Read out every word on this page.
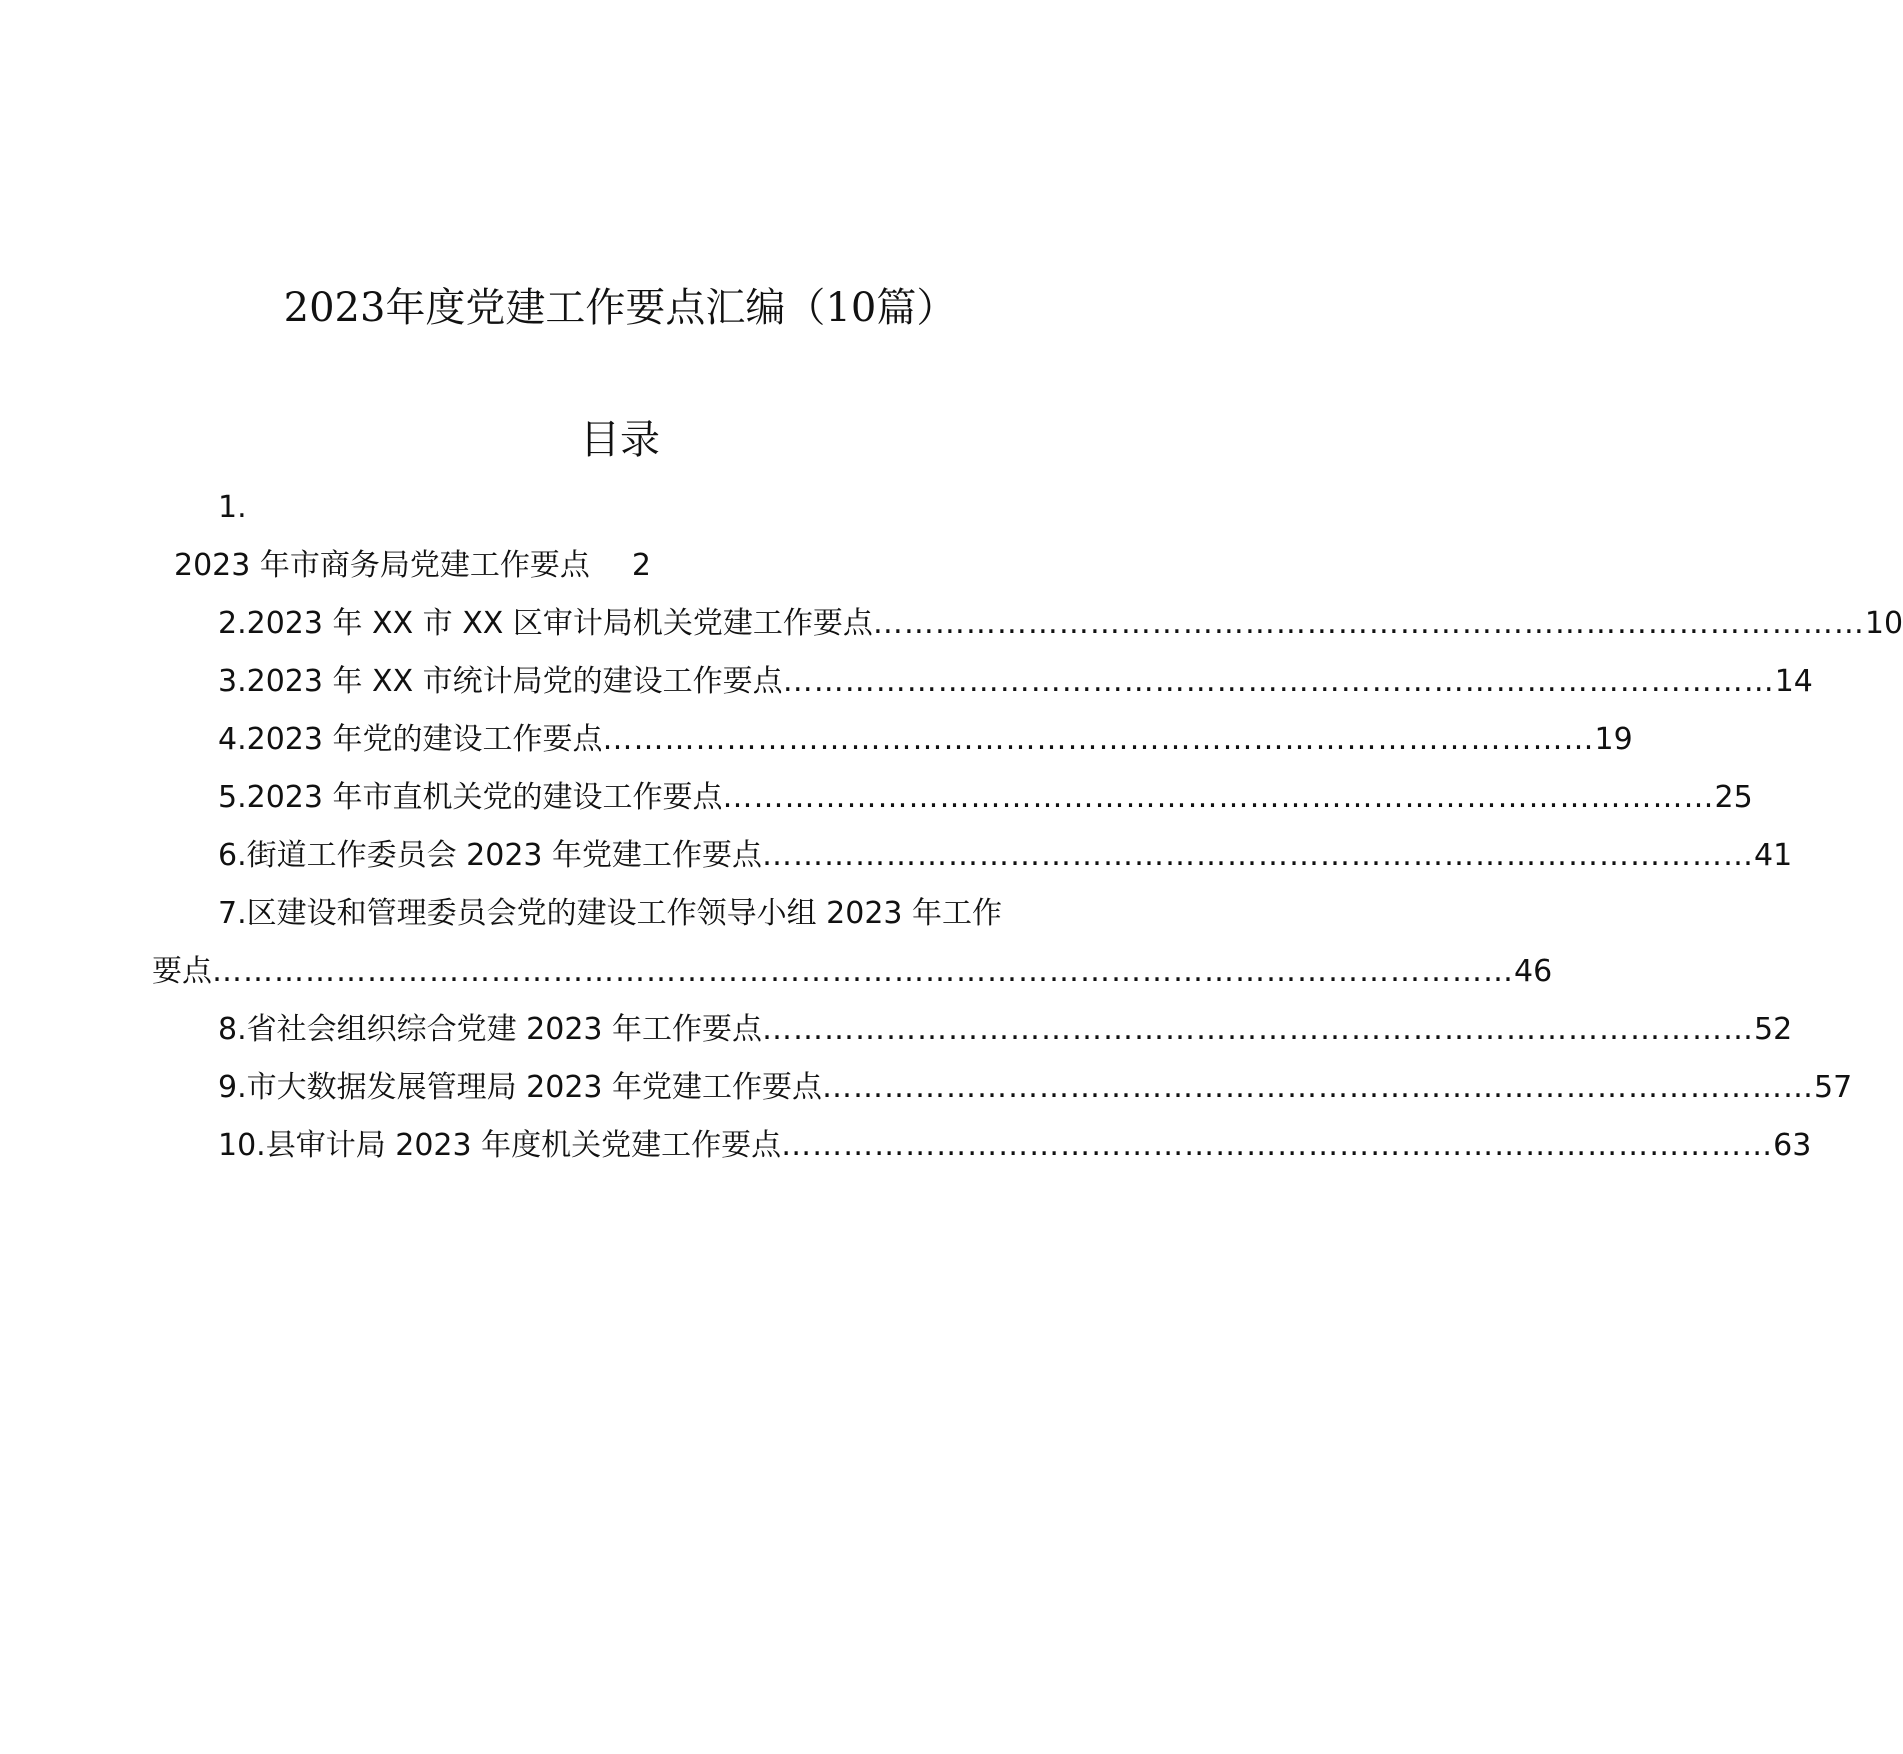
2023年度党建工作要点汇编（10篇）
目录
1.
2023 年市商务局党建工作要点 2
2.2023 年 XX 市 XX 区审计局机关党建工作要点 …………………………………………………………………………………… 10
3.2023 年 XX 市统计局党的建设工作要点 …………………………………………………………………………………… 14
4.2023 年党的建设工作要点 …………………………………………………………………………………… 19
5.2023 年市直机关党的建设工作要点 …………………………………………………………………………………… 25
6.街道工作委员会 2023 年党建工作要点 …………………………………………………………………………………… 41
7.区建设和管理委员会党的建设工作领导小组 2023 年工作
要点 ……………………………………………………………………………………………………………… 46
8.省社会组织综合党建 2023 年工作要点 …………………………………………………………………………………… 52
9.市大数据发展管理局 2023 年党建工作要点 …………………………………………………………………………………… 57
10.县审计局 2023 年度机关党建工作要点 …………………………………………………………………………………… 63
